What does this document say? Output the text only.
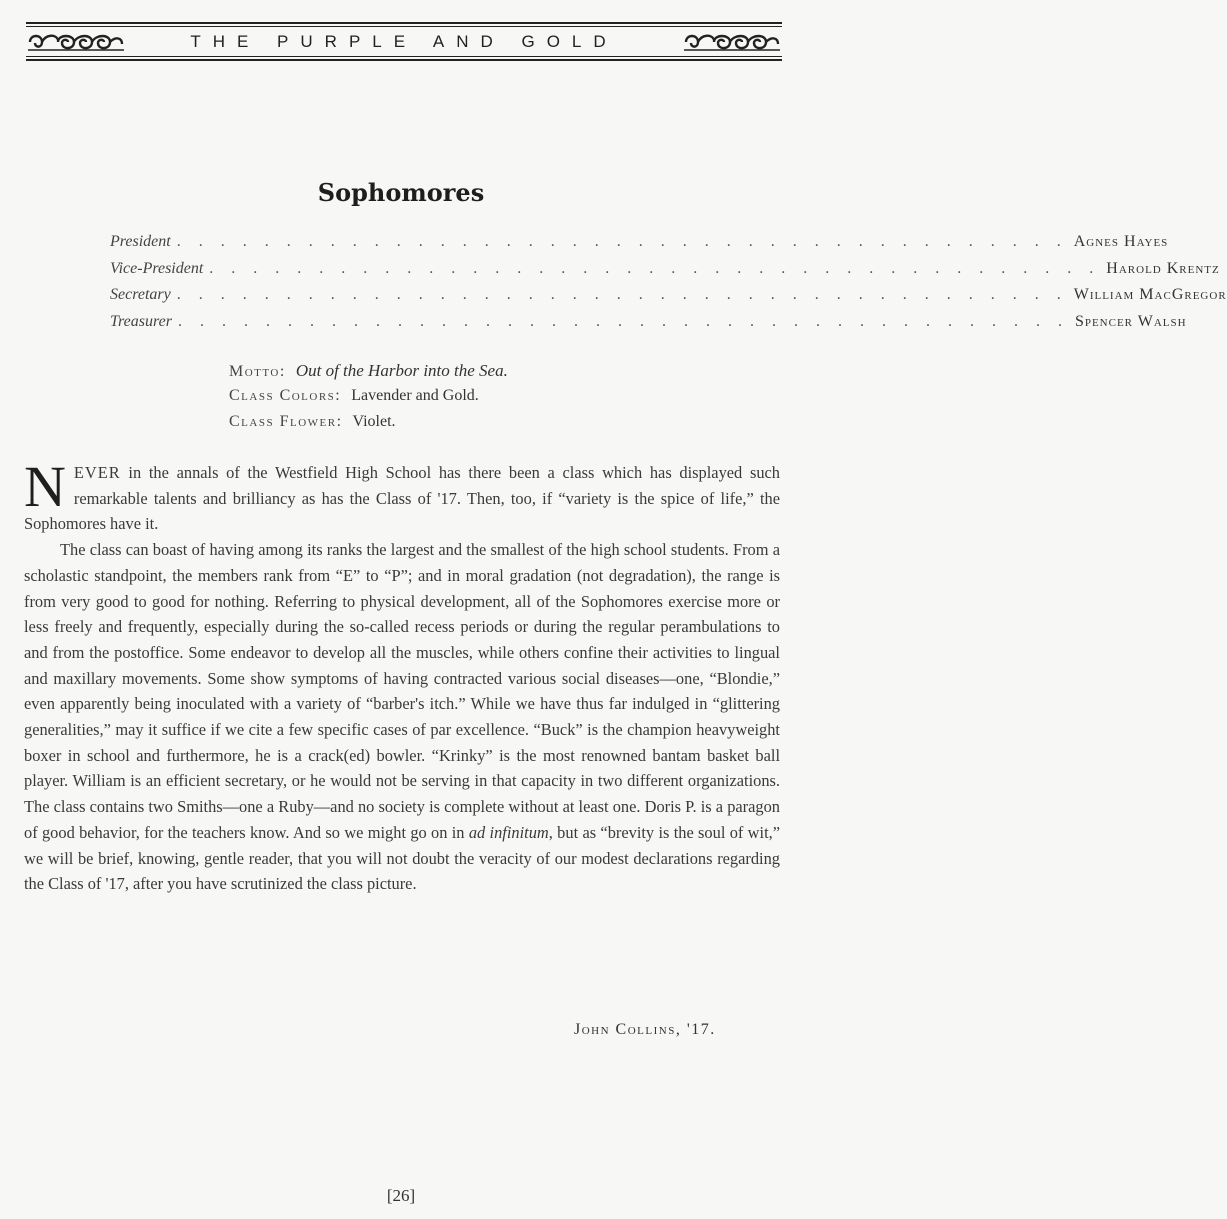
THE PURPLE AND GOLD
Sophomores
President . . . . . . . . . . . . . . . . . . . . . . . . . . . . . . . . . . . . . . . . . Agnes Hayes
Vice-President . . . . . . . . . . . . . . . . . . . . . . . . . . . . . . . . . . . . . . . . . Harold Krentz
Secretary . . . . . . . . . . . . . . . . . . . . . . . . . . . . . . . . . . . . . . . . . William MacGregor
Treasurer . . . . . . . . . . . . . . . . . . . . . . . . . . . . . . . . . . . . . . . . . Spencer Walsh
Motto: Out of the Harbor into the Sea.
Class Colors: Lavender and Gold.
Class Flower: Violet.

NEVER in the annals of the Westfield High School has there been a class which has displayed such remarkable talents and brilliancy as has the Class of '17. Then, too, if “variety is the spice of life,” the Sophomores have it.

The class can boast of having among its ranks the largest and the smallest of the high school students. From a scholastic standpoint, the members rank from “E” to “P”; and in moral gradation (not degradation), the range is from very good to good for nothing. Referring to physical development, all of the Sophomores exercise more or less freely and frequently, especially during the so-called recess periods or during the regular perambulations to and from the postoffice. Some endeavor to develop all the muscles, while others confine their activities to lingual and maxillary movements. Some show symptoms of having contracted various social diseases—one, “Blondie,” even apparently being inoculated with a variety of “barber's itch.” While we have thus far indulged in “glittering generalities,” may it suffice if we cite a few specific cases of par excellence. “Buck” is the champion heavyweight boxer in school and furthermore, he is a crack(ed) bowler. “Krinky” is the most renowned bantam basket ball player. William is an efficient secretary, or he would not be serving in that capacity in two different organizations. The class contains two Smiths—one a Ruby—and no society is complete without at least one. Doris P. is a paragon of good behavior, for the teachers know. And so we might go on in ad infinitum, but as “brevity is the soul of wit,” we will be brief, knowing, gentle reader, that you will not doubt the veracity of our modest declarations regarding the Class of '17, after you have scrutinized the class picture.

John Collins, '17.
[26]
